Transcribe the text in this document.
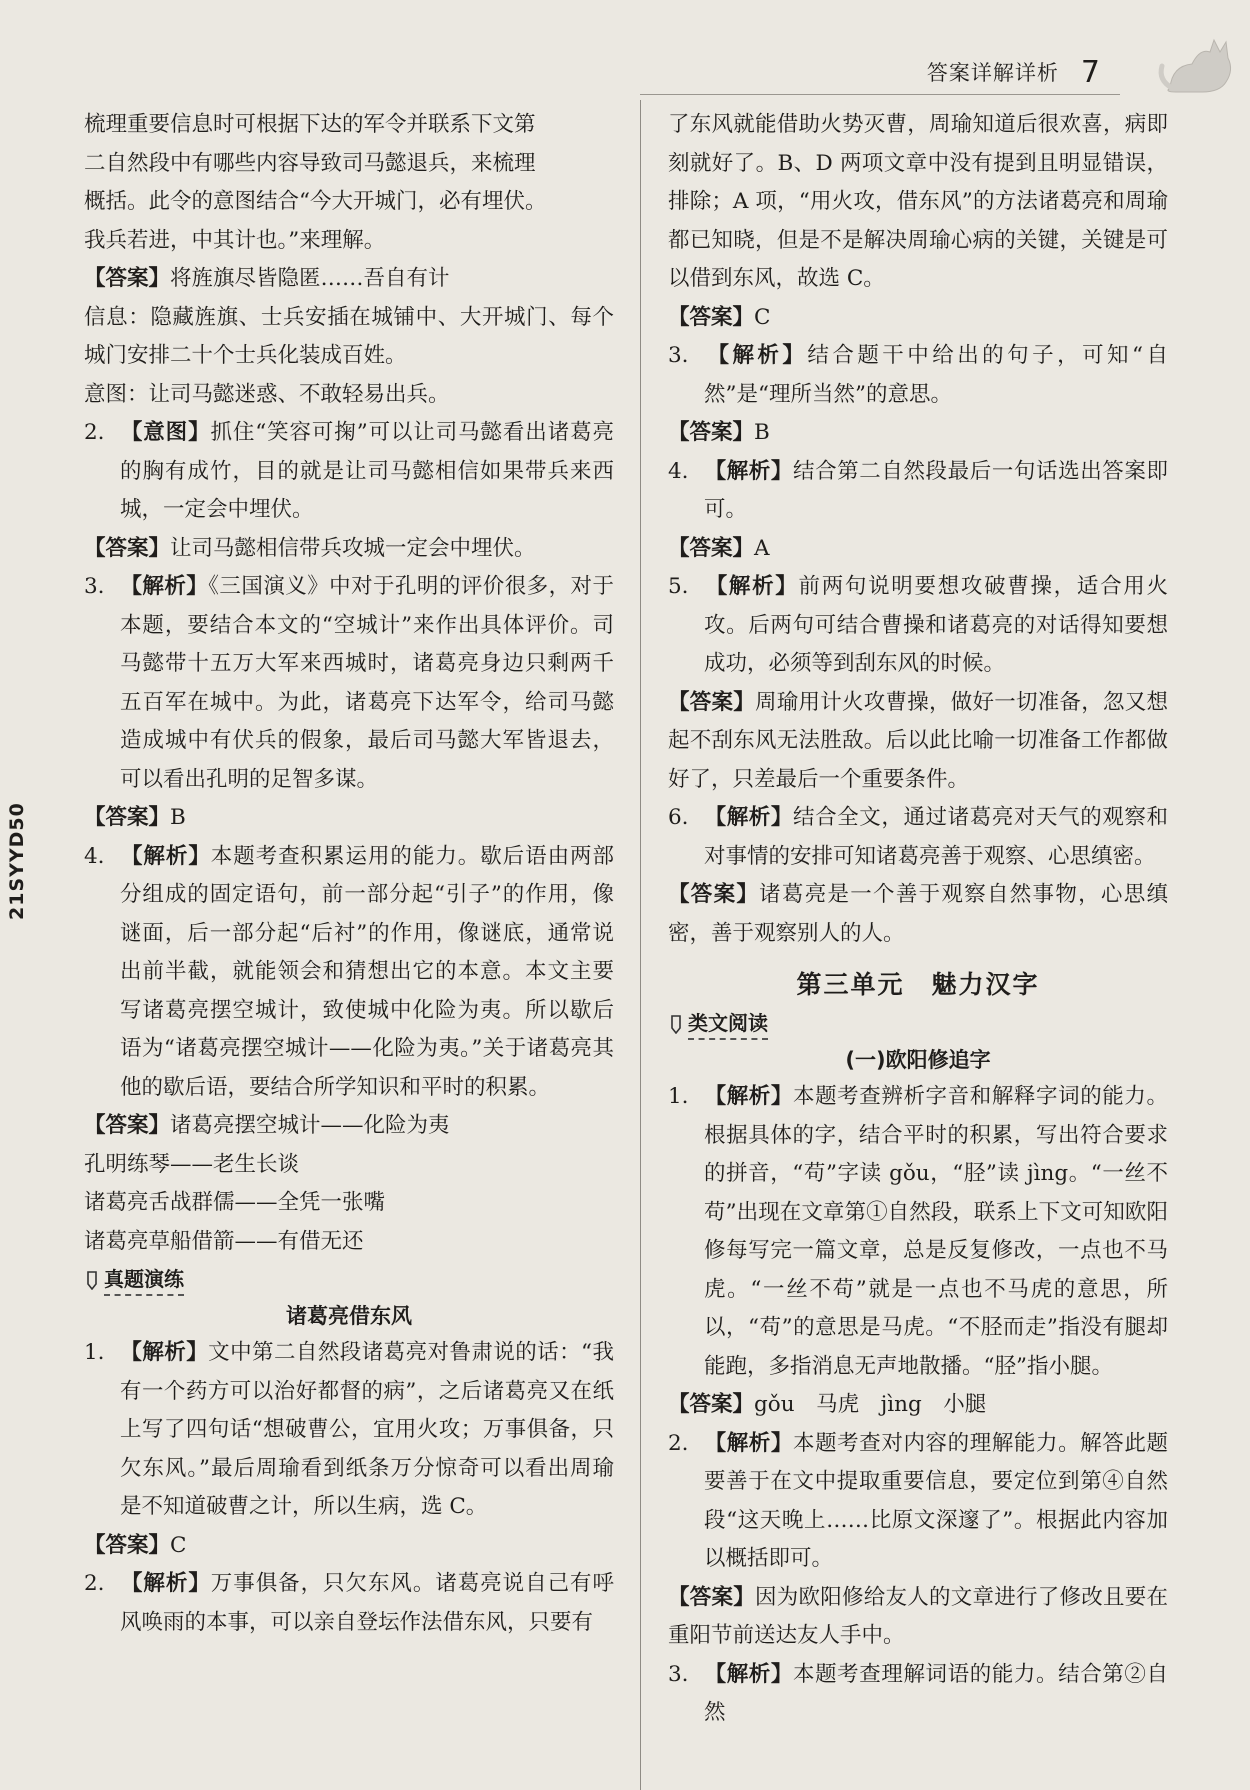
答案详解详析 7
21SYYD50

梳理重要信息时可根据下达的军令并联系下文第

二自然段中有哪些内容导致司马懿退兵，来梳理

概括。此令的意图结合“今大开城门，必有埋伏。

我兵若进，中其计也。”来理解。

【答案】将旌旗尽皆隐匿……吾自有计

信息：隐藏旌旗、士兵安插在城铺中、大开城门、每个城门安排二十个士兵化装成百姓。

意图：让司马懿迷惑、不敢轻易出兵。

2. 【意图】抓住“笑容可掬”可以让司马懿看出诸葛亮的胸有成竹，目的就是让司马懿相信如果带兵来西城，一定会中埋伏。

【答案】让司马懿相信带兵攻城一定会中埋伏。

3. 【解析】《三国演义》中对于孔明的评价很多，对于本题，要结合本文的“空城计”来作出具体评价。司马懿带十五万大军来西城时，诸葛亮身边只剩两千五百军在城中。为此，诸葛亮下达军令，给司马懿造成城中有伏兵的假象，最后司马懿大军皆退去，可以看出孔明的足智多谋。

【答案】B

4. 【解析】本题考查积累运用的能力。歇后语由两部分组成的固定语句，前一部分起“引子”的作用，像谜面，后一部分起“后衬”的作用，像谜底，通常说出前半截，就能领会和猜想出它的本意。本文主要写诸葛亮摆空城计，致使城中化险为夷。所以歇后语为“诸葛亮摆空城计——化险为夷。”关于诸葛亮其他的歇后语，要结合所学知识和平时的积累。

【答案】诸葛亮摆空城计——化险为夷

孔明练琴——老生长谈

诸葛亮舌战群儒——全凭一张嘴

诸葛亮草船借箭——有借无还

真题演练
诸葛亮借东风

1. 【解析】文中第二自然段诸葛亮对鲁肃说的话：“我有一个药方可以治好都督的病”，之后诸葛亮又在纸上写了四句话“想破曹公，宜用火攻；万事俱备，只欠东风。”最后周瑜看到纸条万分惊奇可以看出周瑜是不知道破曹之计，所以生病，选 C。

【答案】C

2. 【解析】万事俱备，只欠东风。诸葛亮说自己有呼风唤雨的本事，可以亲自登坛作法借东风，只要有

了东风就能借助火势灭曹，周瑜知道后很欢喜，病即刻就好了。B、D 两项文章中没有提到且明显错误，排除；A 项，“用火攻，借东风”的方法诸葛亮和周瑜都已知晓，但是不是解决周瑜心病的关键，关键是可以借到东风，故选 C。

【答案】C

3. 【解析】结合题干中给出的句子，可知“自然”是“理所当然”的意思。

【答案】B

4. 【解析】结合第二自然段最后一句话选出答案即可。

【答案】A

5. 【解析】前两句说明要想攻破曹操，适合用火攻。后两句可结合曹操和诸葛亮的对话得知要想成功，必须等到刮东风的时候。

【答案】周瑜用计火攻曹操，做好一切准备，忽又想起不刮东风无法胜敌。后以此比喻一切准备工作都做好了，只差最后一个重要条件。

6. 【解析】结合全文，通过诸葛亮对天气的观察和对事情的安排可知诸葛亮善于观察、心思缜密。

【答案】诸葛亮是一个善于观察自然事物，心思缜密，善于观察别人的人。

第三单元　魅力汉字
类文阅读
(一)欧阳修追字

1. 【解析】本题考查辨析字音和解释字词的能力。根据具体的字，结合平时的积累，写出符合要求的拼音，“苟”字读 gǒu，“胫”读 jìng。“一丝不苟”出现在文章第①自然段，联系上下文可知欧阳修每写完一篇文章，总是反复修改，一点也不马虎。“一丝不苟”就是一点也不马虎的意思，所以，“苟”的意思是马虎。“不胫而走”指没有腿却能跑，多指消息无声地散播。“胫”指小腿。

【答案】gǒu　马虎　jìng　小腿

2. 【解析】本题考查对内容的理解能力。解答此题要善于在文中提取重要信息，要定位到第④自然段“这天晚上……比原文深邃了”。根据此内容加以概括即可。

【答案】因为欧阳修给友人的文章进行了修改且要在重阳节前送达友人手中。

3. 【解析】本题考查理解词语的能力。结合第②自然
